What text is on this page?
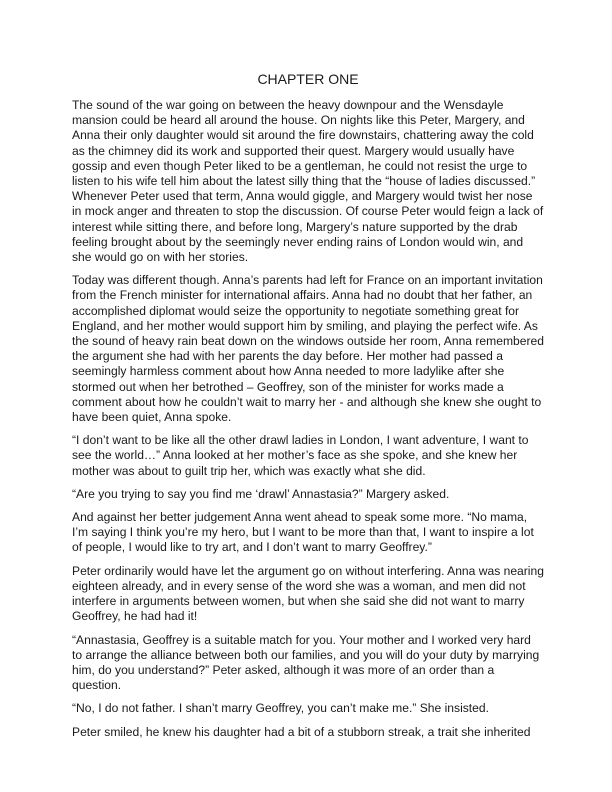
CHAPTER ONE

The sound of the war going on between the heavy downpour and the Wensdayle mansion could be heard all around the house. On nights like this Peter, Margery, and Anna their only daughter would sit around the fire downstairs, chattering away the cold as the chimney did its work and supported their quest. Margery would usually have gossip and even though Peter liked to be a gentleman, he could not resist the urge to listen to his wife tell him about the latest silly thing that the “house of ladies discussed.” Whenever Peter used that term, Anna would giggle, and Margery would twist her nose in mock anger and threaten to stop the discussion. Of course Peter would feign a lack of interest while sitting there, and before long, Margery’s nature supported by the drab feeling brought about by the seemingly never ending rains of London would win, and she would go on with her stories.

Today was different though. Anna’s parents had left for France on an important invitation from the French minister for international affairs. Anna had no doubt that her father, an accomplished diplomat would seize the opportunity to negotiate something great for England, and her mother would support him by smiling, and playing the perfect wife. As the sound of heavy rain beat down on the windows outside her room, Anna remembered the argument she had with her parents the day before. Her mother had passed a seemingly harmless comment about how Anna needed to more ladylike after she stormed out when her betrothed – Geoffrey, son of the minister for works made a comment about how he couldn’t wait to marry her - and although she knew she ought to have been quiet, Anna spoke.

“I don’t want to be like all the other drawl ladies in London, I want adventure, I want to see the world…” Anna looked at her mother’s face as she spoke, and she knew her mother was about to guilt trip her, which was exactly what she did.

“Are you trying to say you find me ‘drawl’ Annastasia?” Margery asked.

And against her better judgement Anna went ahead to speak some more. “No mama, I’m saying I think you’re my hero, but I want to be more than that, I want to inspire a lot of people, I would like to try art, and I don’t want to marry Geoffrey.”

Peter ordinarily would have let the argument go on without interfering. Anna was nearing eighteen already, and in every sense of the word she was a woman, and men did not interfere in arguments between women, but when she said she did not want to marry Geoffrey, he had had it!

“Annastasia, Geoffrey is a suitable match for you. Your mother and I worked very hard to arrange the alliance between both our families, and you will do your duty by marrying him, do you understand?” Peter asked, although it was more of an order than a question.

“No, I do not father. I shan’t marry Geoffrey, you can’t make me.” She insisted.

Peter smiled, he knew his daughter had a bit of a stubborn streak, a trait she inherited
